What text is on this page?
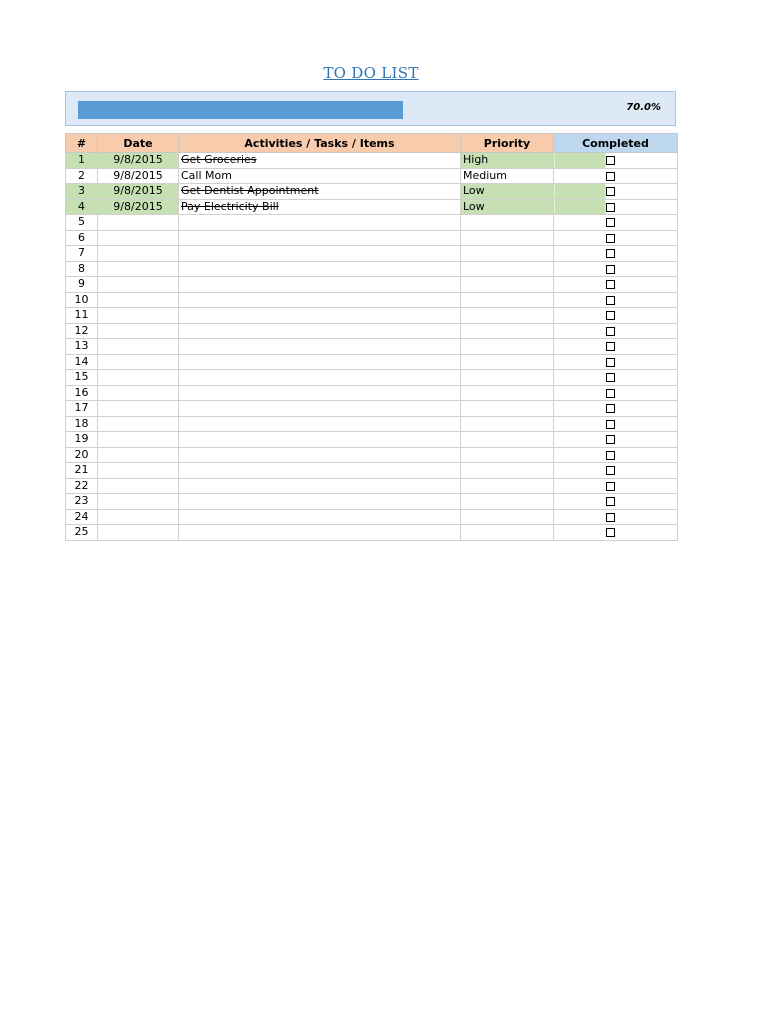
TO DO LIST
70.0%
#	Date	Activities / Tasks / Items	Priority	Completed
1	9/8/2015	Get Groceries	High	

2	9/8/2015	Call Mom	Medium	

3	9/8/2015	Get Dentist Appointment	Low	

4	9/8/2015	Pay Electricity Bill	Low	

5				

6				

7				

8				

9				

10				

11				

12				

13				

14				

15				

16				

17				

18				

19				

20				

21				

22				

23				

24				

25				
